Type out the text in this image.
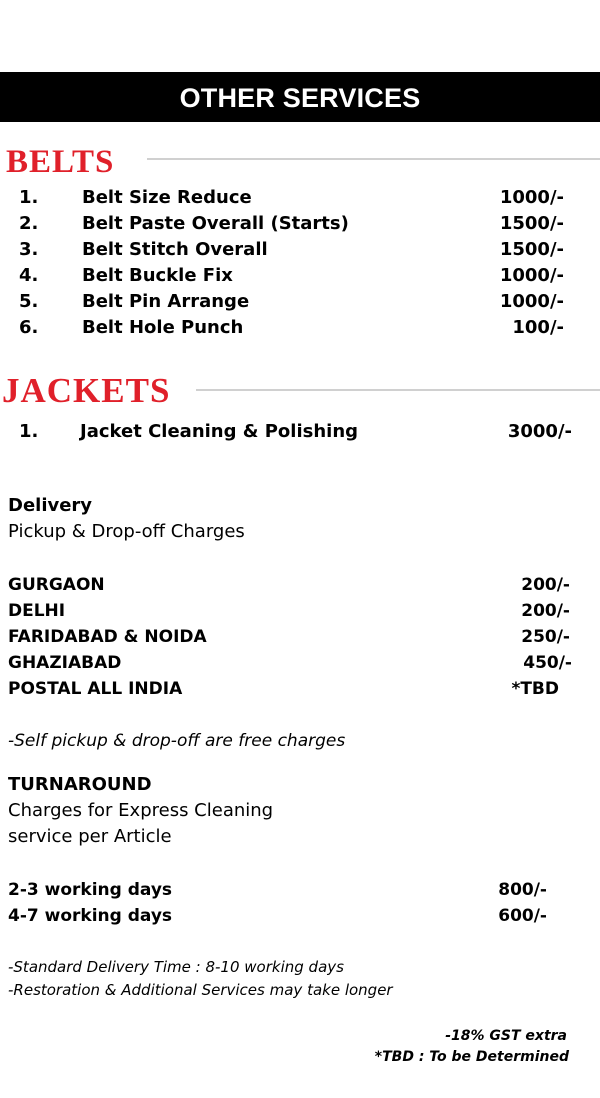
OTHER SERVICES
BELTS
1. Belt Size Reduce	1000/-
2. Belt Paste Overall (Starts)	1500/-
3. Belt Stitch Overall	1500/-
4. Belt Buckle Fix	1000/-
5. Belt Pin Arrange	1000/-
6. Belt Hole Punch	100/-
JACKETS
1. Jacket Cleaning & Polishing	3000/-
Delivery
Pickup & Drop-off Charges
GURGAON	200/-
DELHI	200/-
FARIDABAD & NOIDA	250/-
GHAZIABAD	450/-
POSTAL ALL INDIA	*TBD
-Self pickup & drop-off are free charges
TURNAROUND
Charges for Express Cleaning
service per Article
2-3 working days	800/-
4-7 working days	600/-
-Standard Delivery Time : 8-10 working days
-Restoration & Additional Services may take longer
-18% GST extra
*TBD : To be Determined
